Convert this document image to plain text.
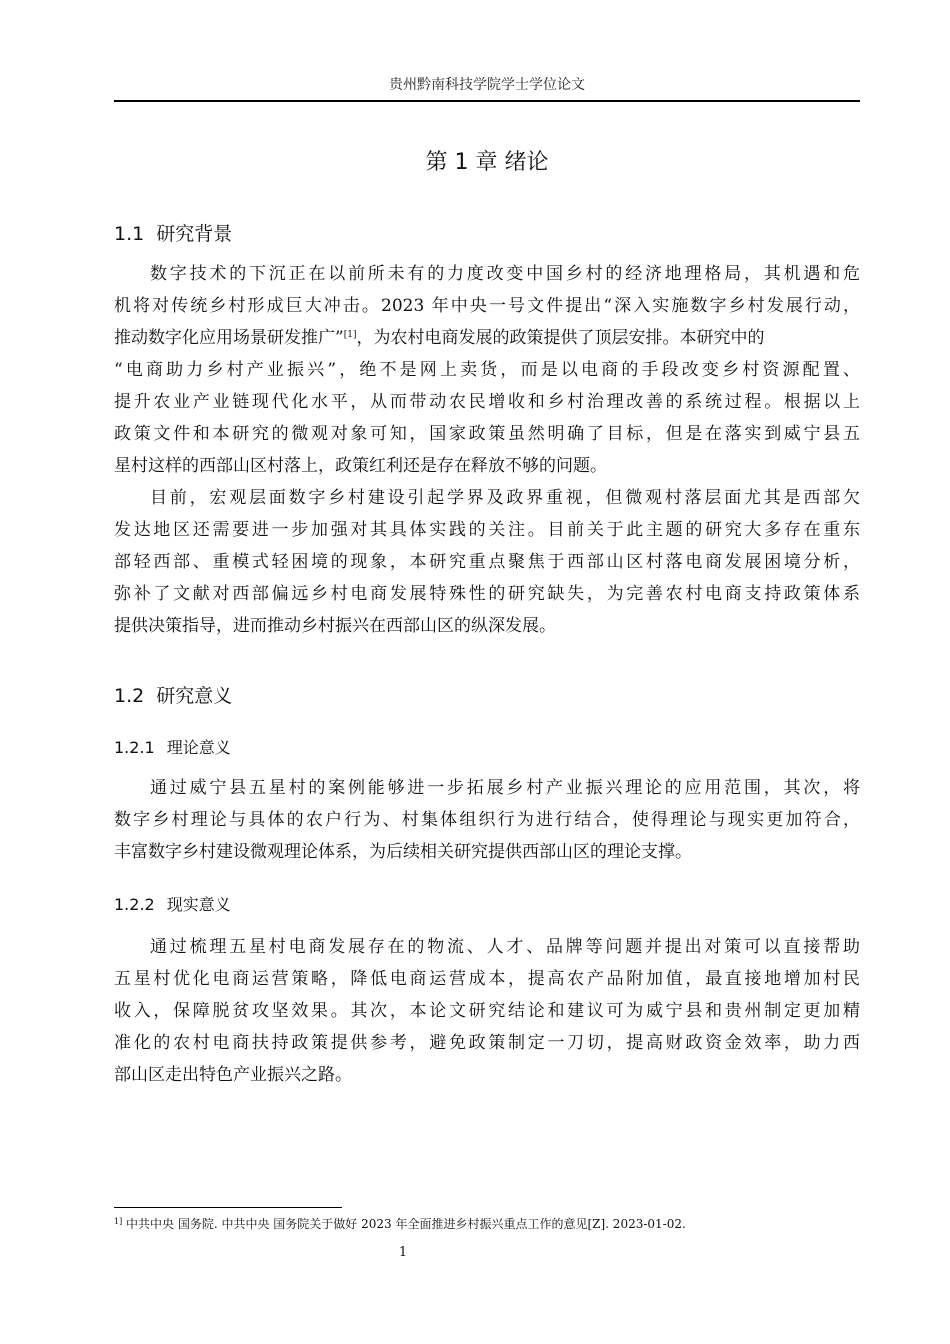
贵州黔南科技学院学士学位论文
第 1 章 绪论
1.1 研究背景
数字技术的下沉正在以前所未有的力度改变中国乡村的经济地理格局，其机遇和危
机将对传统乡村形成巨大冲击。2023 年中央一号文件提出“深入实施数字乡村发展行动，
推动数字化应用场景研发推广”[1]，为农村电商发展的政策提供了顶层安排。本研究中的
“电商助力乡村产业振兴”，绝不是网上卖货，而是以电商的手段改变乡村资源配置、
提升农业产业链现代化水平，从而带动农民增收和乡村治理改善的系统过程。根据以上
政策文件和本研究的微观对象可知，国家政策虽然明确了目标，但是在落实到威宁县五
星村这样的西部山区村落上，政策红利还是存在释放不够的问题。
目前，宏观层面数字乡村建设引起学界及政界重视，但微观村落层面尤其是西部欠
发达地区还需要进一步加强对其具体实践的关注。目前关于此主题的研究大多存在重东
部轻西部、重模式轻困境的现象，本研究重点聚焦于西部山区村落电商发展困境分析，
弥补了文献对西部偏远乡村电商发展特殊性的研究缺失，为完善农村电商支持政策体系
提供决策指导，进而推动乡村振兴在西部山区的纵深发展。
1.2 研究意义
1.2.1 理论意义
通过威宁县五星村的案例能够进一步拓展乡村产业振兴理论的应用范围，其次，将
数字乡村理论与具体的农户行为、村集体组织行为进行结合，使得理论与现实更加符合，
丰富数字乡村建设微观理论体系，为后续相关研究提供西部山区的理论支撑。
1.2.2 现实意义
通过梳理五星村电商发展存在的物流、人才、品牌等问题并提出对策可以直接帮助
五星村优化电商运营策略，降低电商运营成本，提高农产品附加值，最直接地增加村民
收入，保障脱贫攻坚效果。其次，本论文研究结论和建议可为威宁县和贵州制定更加精
准化的农村电商扶持政策提供参考，避免政策制定一刀切，提高财政资金效率，助力西
部山区走出特色产业振兴之路。
$^{1]}$ 中共中央 国务院. 中共中央 国务院关于做好 2023 年全面推进乡村振兴重点工作的意见[Z]. 2023-01-02.
1
